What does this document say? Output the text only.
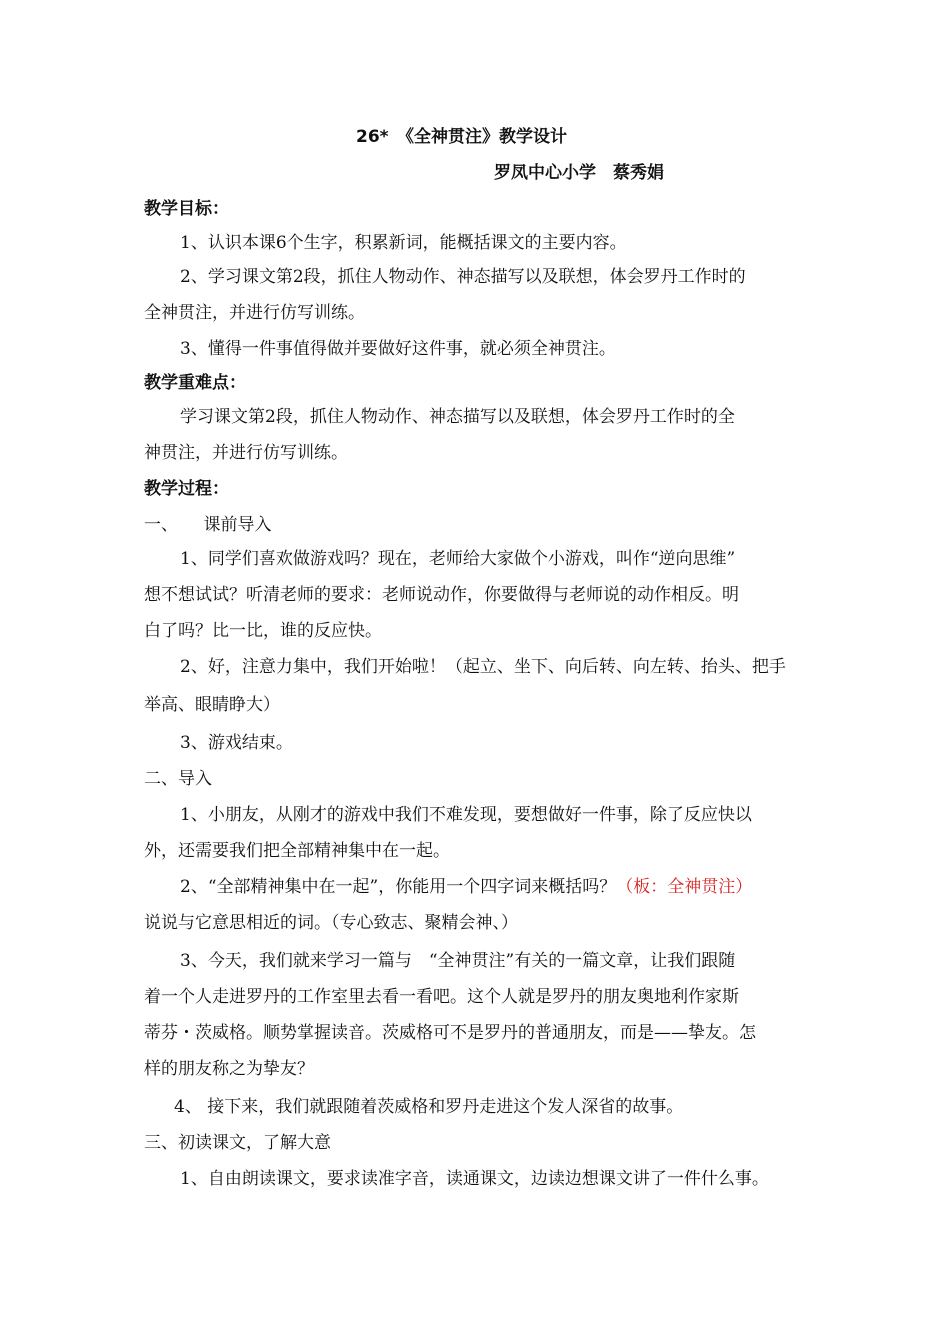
26*　《全神贯注》教学设计
罗凤中心小学　蔡秀娟
教学目标：
1、认识本课6个生字，积累新词，能概括课文的主要内容。
2、学习课文第2段，抓住人物动作、神态描写以及联想，体会罗丹工作时的
全神贯注，并进行仿写训练。
3、懂得一件事值得做并要做好这件事，就必须全神贯注。
教学重难点：
学习课文第2段，抓住人物动作、神态描写以及联想，体会罗丹工作时的全
神贯注，并进行仿写训练。
教学过程：
一、　　课前导入
1、同学们喜欢做游戏吗？现在，老师给大家做个小游戏，叫作“逆向思维”
想不想试试？听清老师的要求：老师说动作，你要做得与老师说的动作相反。明
白了吗？比一比，谁的反应快。
2、好，注意力集中，我们开始啦！（起立、坐下、向后转、向左转、抬头、把手
举高、眼睛睁大）
3、游戏结束。
二、导入
1、小朋友，从刚才的游戏中我们不难发现，要想做好一件事，除了反应快以
外，还需要我们把全部精神集中在一起。
2、“全部精神集中在一起”，你能用一个四字词来概括吗？（板：全神贯注）
说说与它意思相近的词。（专心致志、聚精会神、）
3、今天，我们就来学习一篇与　“全神贯注”有关的一篇文章，让我们跟随
着一个人走进罗丹的工作室里去看一看吧。这个人就是罗丹的朋友奥地利作家斯
蒂芬・茨威格。顺势掌握读音。茨威格可不是罗丹的普通朋友，而是——挚友。怎
样的朋友称之为挚友？
4、 接下来，我们就跟随着茨威格和罗丹走进这个发人深省的故事。
三、初读课文，了解大意
1、自由朗读课文，要求读准字音，读通课文，边读边想课文讲了一件什么事。
